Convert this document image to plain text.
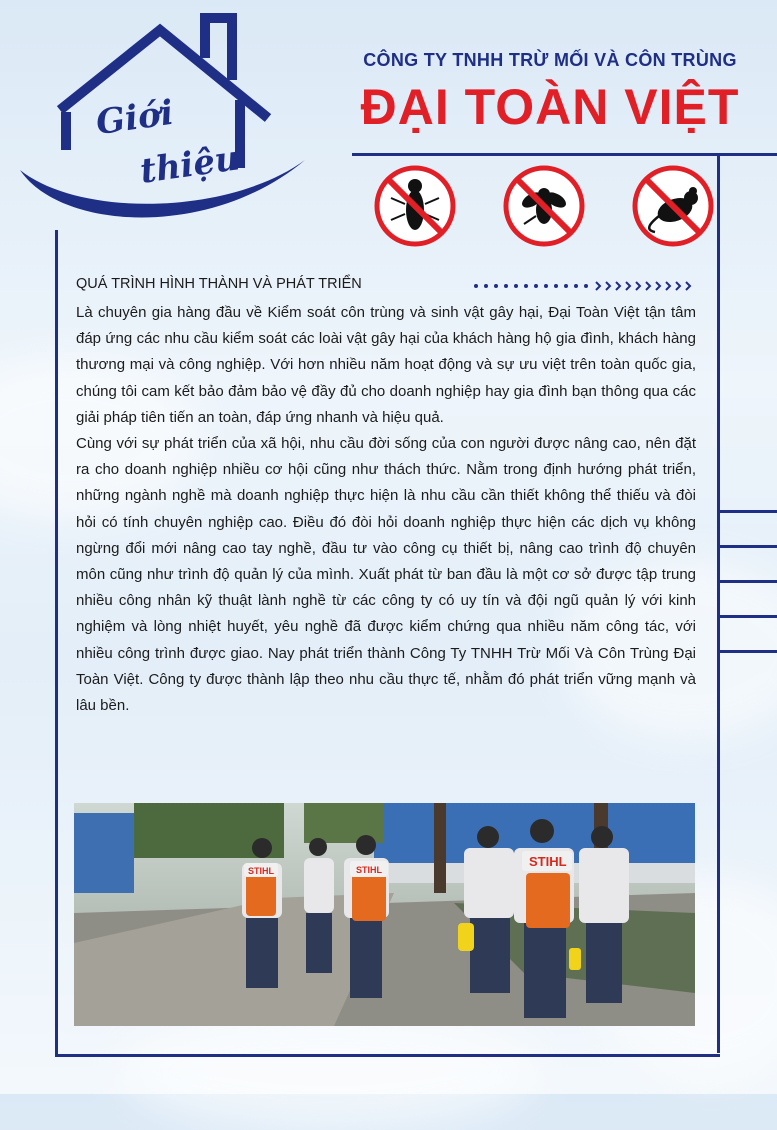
Giới
thiệu
CÔNG TY TNHH TRỪ MỐI VÀ CÔN TRÙNG
ĐẠI TOÀN VIỆT
QUÁ TRÌNH HÌNH THÀNH VÀ PHÁT TRIỂN

Là chuyên gia hàng đầu về Kiểm soát côn trùng và sinh vật gây hại, Đại Toàn Việt tận tâm đáp ứng các nhu cầu kiểm soát các loài vật gây hại của khách hàng hộ gia đình, khách hàng thương mại và công nghiệp. Với hơn nhiều năm hoạt động và sự ưu việt trên toàn quốc gia, chúng tôi cam kết bảo đảm bảo vệ đầy đủ cho doanh nghiệp hay gia đình bạn thông qua các giải pháp tiên tiến an toàn, đáp ứng nhanh và hiệu quả.

Cùng với sự phát triển của xã hội, nhu cầu đời sống của con người được nâng cao, nên đặt ra cho doanh nghiệp nhiều cơ hội cũng như thách thức. Nằm trong định hướng phát triển, những ngành nghề mà doanh nghiệp thực hiện là nhu cầu cần thiết không thể thiếu và đòi hỏi có tính chuyên nghiệp cao. Điều đó đòi hỏi doanh nghiệp thực hiện các dịch vụ không ngừng đổi mới nâng cao tay nghề, đầu tư vào công cụ thiết bị, nâng cao trình độ chuyên môn cũng như trình độ quản lý của mình. Xuất phát từ ban đầu là một cơ sở được tập trung nhiều công nhân kỹ thuật lành nghề từ các công ty có uy tín và đội ngũ quản lý với kinh nghiệm và lòng nhiệt huyết, yêu nghề đã được kiểm chứng qua nhiều năm công tác, với nhiều công trình được giao. Nay phát triển thành Công Ty TNHH Trừ Mối Và Côn Trùng Đại Toàn Việt. Công ty được thành lập theo nhu cầu thực tế, nhằm đó phát triển vững mạnh và lâu bền.

STIHL	STIHL
STIHL
